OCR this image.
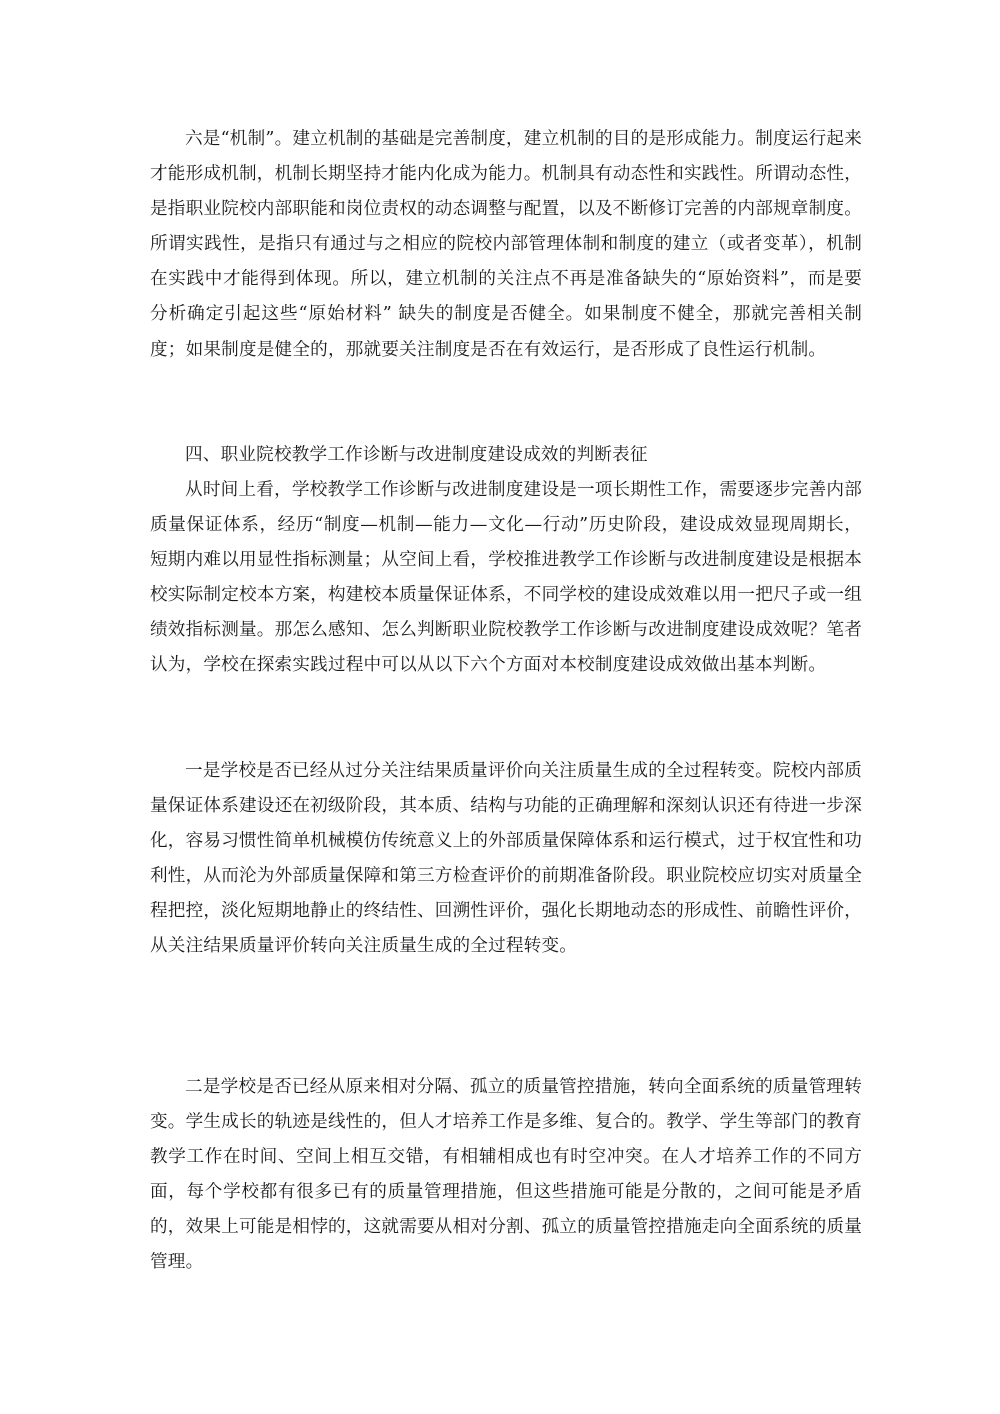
六是“机制”。建立机制的基础是完善制度，建立机制的目的是形成能力。制度运行起来才能形成机制，机制长期坚持才能内化成为能力。机制具有动态性和实践性。所谓动态性，是指职业院校内部职能和岗位责权的动态调整与配置，以及不断修订完善的内部规章制度。所谓实践性，是指只有通过与之相应的院校内部管理体制和制度的建立（或者变革），机制在实践中才能得到体现。所以，建立机制的关注点不再是准备缺失的“原始资料”，而是要分析确定引起这些“原始材料” 缺失的制度是否健全。如果制度不健全，那就完善相关制度；如果制度是健全的，那就要关注制度是否在有效运行，是否形成了良性运行机制。

四、职业院校教学工作诊断与改进制度建设成效的判断表征

从时间上看，学校教学工作诊断与改进制度建设是一项长期性工作，需要逐步完善内部质量保证体系，经历“制度—机制—能力—文化—行动”历史阶段，建设成效显现周期长，短期内难以用显性指标测量；从空间上看，学校推进教学工作诊断与改进制度建设是根据本校实际制定校本方案，构建校本质量保证体系，不同学校的建设成效难以用一把尺子或一组绩效指标测量。那怎么感知、怎么判断职业院校教学工作诊断与改进制度建设成效呢？笔者认为，学校在探索实践过程中可以从以下六个方面对本校制度建设成效做出基本判断。

一是学校是否已经从过分关注结果质量评价向关注质量生成的全过程转变。院校内部质量保证体系建设还在初级阶段，其本质、结构与功能的正确理解和深刻认识还有待进一步深化，容易习惯性简单机械模仿传统意义上的外部质量保障体系和运行模式，过于权宜性和功利性，从而沦为外部质量保障和第三方检查评价的前期准备阶段。职业院校应切实对质量全程把控，淡化短期地静止的终结性、回溯性评价，强化长期地动态的形成性、前瞻性评价，从关注结果质量评价转向关注质量生成的全过程转变。

二是学校是否已经从原来相对分隔、孤立的质量管控措施，转向全面系统的质量管理转变。学生成长的轨迹是线性的，但人才培养工作是多维、复合的。教学、学生等部门的教育教学工作在时间、空间上相互交错，有相辅相成也有时空冲突。在人才培养工作的不同方面，每个学校都有很多已有的质量管理措施，但这些措施可能是分散的，之间可能是矛盾的，效果上可能是相悖的，这就需要从相对分割、孤立的质量管控措施走向全面系统的质量管理。
